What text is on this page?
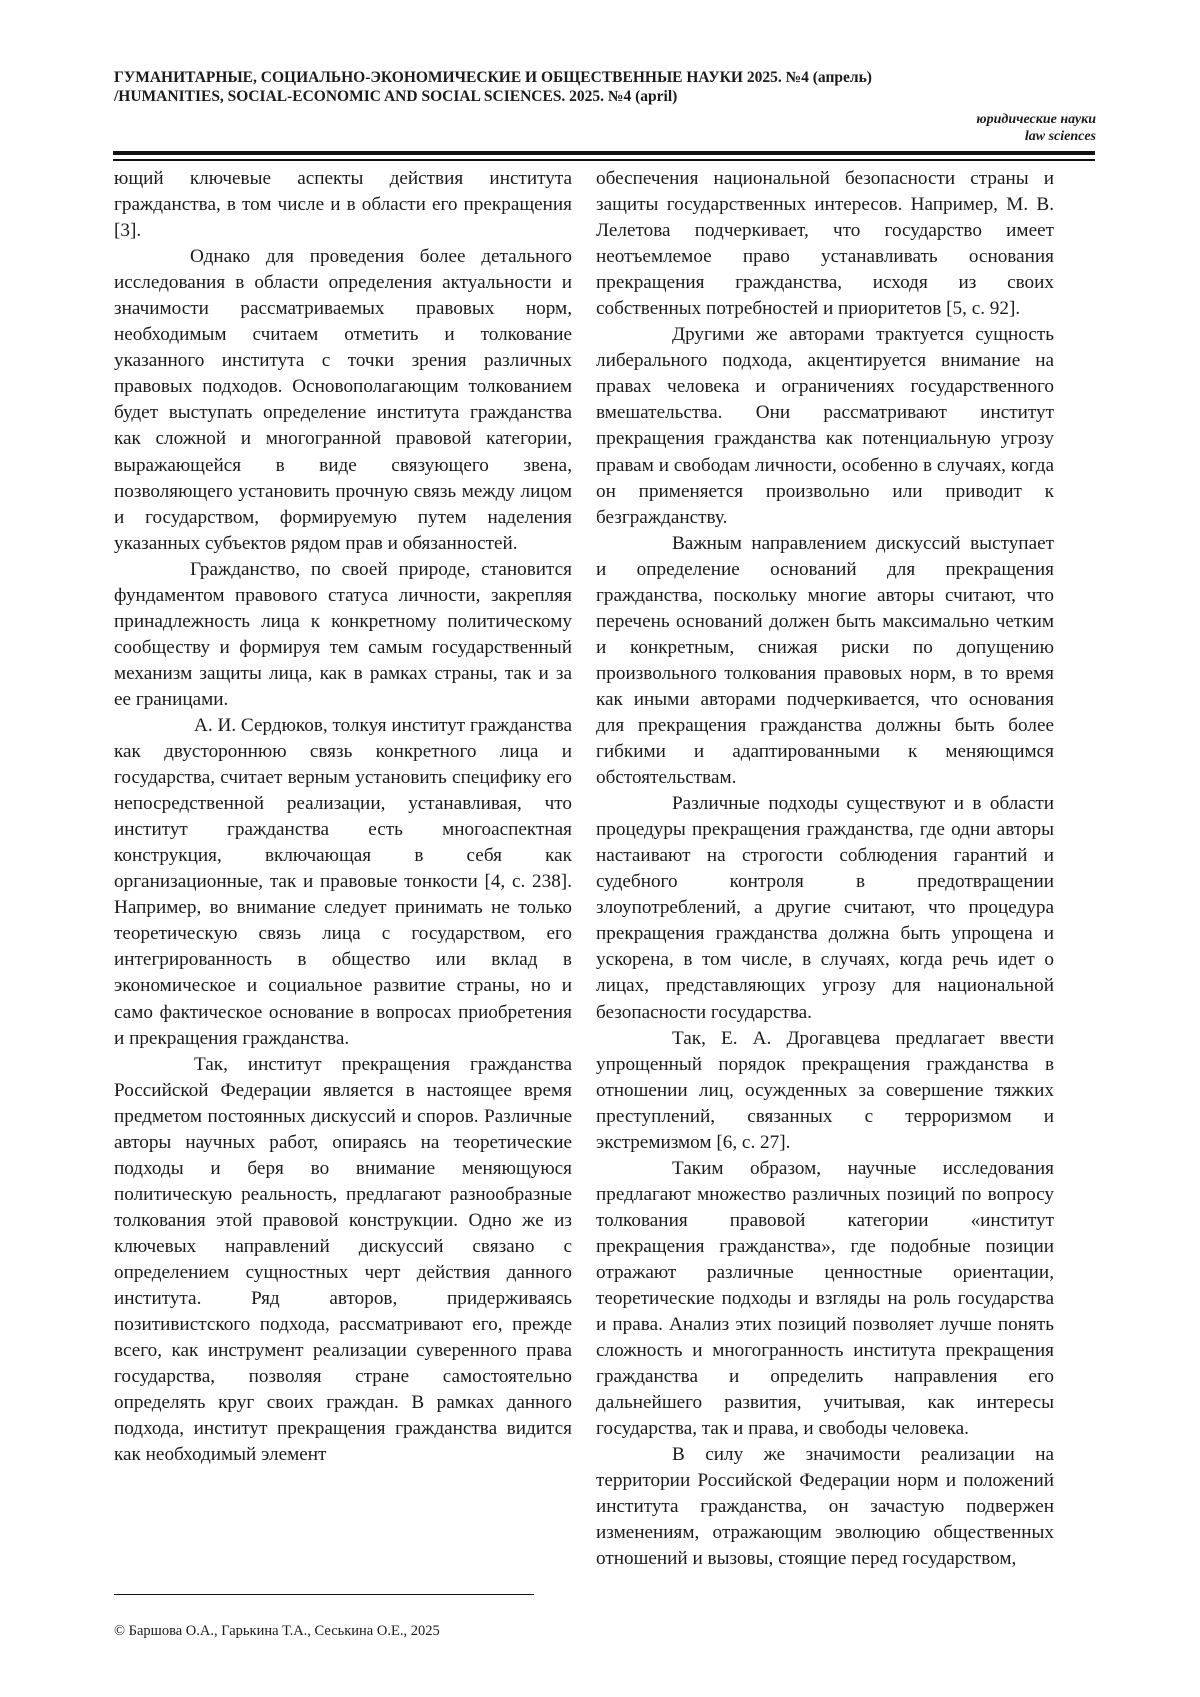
ГУМАНИТАРНЫЕ, СОЦИАЛЬНО-ЭКОНОМИЧЕСКИЕ И ОБЩЕСТВЕННЫЕ НАУКИ 2025. №4 (апрель)
/HUMANITIES, SOCIAL-ECONOMIC AND SOCIAL SCIENCES. 2025. №4 (april)
юридические науки
law sciences

ющий ключевые аспекты действия института гражданства, в том числе и в области его прекращения [3].

Однако для проведения более детального исследования в области определения актуальности и значимости рассматриваемых правовых норм, необходимым считаем отметить и толкование указанного института с точки зрения различных правовых подходов. Основополагающим толкованием будет выступать определение института гражданства как сложной и многогранной правовой категории, выражающейся в виде связующего звена, позволяющего установить прочную связь между лицом и государством, формируемую путем наделения указанных субъектов рядом прав и обязанностей.

Гражданство, по своей природе, становится фундаментом правового статуса личности, закрепляя принадлежность лица к конкретному политическому сообществу и формируя тем самым государственный механизм защиты лица, как в рамках страны, так и за ее границами.

А. И. Сердюков, толкуя институт гражданства как двустороннюю связь конкретного лица и государства, считает верным установить специфику его непосредственной реализации, устанавливая, что институт гражданства есть многоаспектная конструкция, включающая в себя как организационные, так и правовые тонкости [4, с. 238]. Например, во внимание следует принимать не только теоретическую связь лица с государством, его интегрированность в общество или вклад в экономическое и социальное развитие страны, но и само фактическое основание в вопросах приобретения и прекращения гражданства.

Так, институт прекращения гражданства Российской Федерации является в настоящее время предметом постоянных дискуссий и споров. Различные авторы научных работ, опираясь на теоретические подходы и беря во внимание меняющуюся политическую реальность, предлагают разнообразные толкования этой правовой конструкции. Одно же из ключевых направлений дискуссий связано с определением сущностных черт действия данного института. Ряд авторов, придерживаясь позитивистского подхода, рассматривают его, прежде всего, как инструмент реализации суверенного права государства, позволяя стране самостоятельно определять круг своих граждан. В рамках данного подхода, институт прекращения гражданства видится как необходимый элемент

обеспечения национальной безопасности страны и защиты государственных интересов. Например, М. В. Лелетова подчеркивает, что государство имеет неотъемлемое право устанавливать основания прекращения гражданства, исходя из своих собственных потребностей и приоритетов [5, с. 92].

Другими же авторами трактуется сущность либерального подхода, акцентируется внимание на правах человека и ограничениях государственного вмешательства. Они рассматривают институт прекращения гражданства как потенциальную угрозу правам и свободам личности, особенно в случаях, когда он применяется произвольно или приводит к безгражданству.

Важным направлением дискуссий выступает и определение оснований для прекращения гражданства, поскольку многие авторы считают, что перечень оснований должен быть максимально четким и конкретным, снижая риски по допущению произвольного толкования правовых норм, в то время как иными авторами подчеркивается, что основания для прекращения гражданства должны быть более гибкими и адаптированными к меняющимся обстоятельствам.

Различные подходы существуют и в области процедуры прекращения гражданства, где одни авторы настаивают на строгости соблюдения гарантий и судебного контроля в предотвращении злоупотреблений, а другие считают, что процедура прекращения гражданства должна быть упрощена и ускорена, в том числе, в случаях, когда речь идет о лицах, представляющих угрозу для национальной безопасности государства.

Так, Е. А. Дрогавцева предлагает ввести упрощенный порядок прекращения гражданства в отношении лиц, осужденных за совершение тяжких преступлений, связанных с терроризмом и экстремизмом [6, с. 27].

Таким образом, научные исследования предлагают множество различных позиций по вопросу толкования правовой категории «институт прекращения гражданства», где подобные позиции отражают различные ценностные ориентации, теоретические подходы и взгляды на роль государства и права. Анализ этих позиций позволяет лучше понять сложность и многогранность института прекращения гражданства и определить направления его дальнейшего развития, учитывая, как интересы государства, так и права, и свободы человека.

В силу же значимости реализации на территории Российской Федерации норм и положений института гражданства, он зачастую подвержен изменениям, отражающим эволюцию общественных отношений и вызовы, стоящие перед государством,

© Баршова О.А., Гарькина Т.А., Сеськина О.Е., 2025
